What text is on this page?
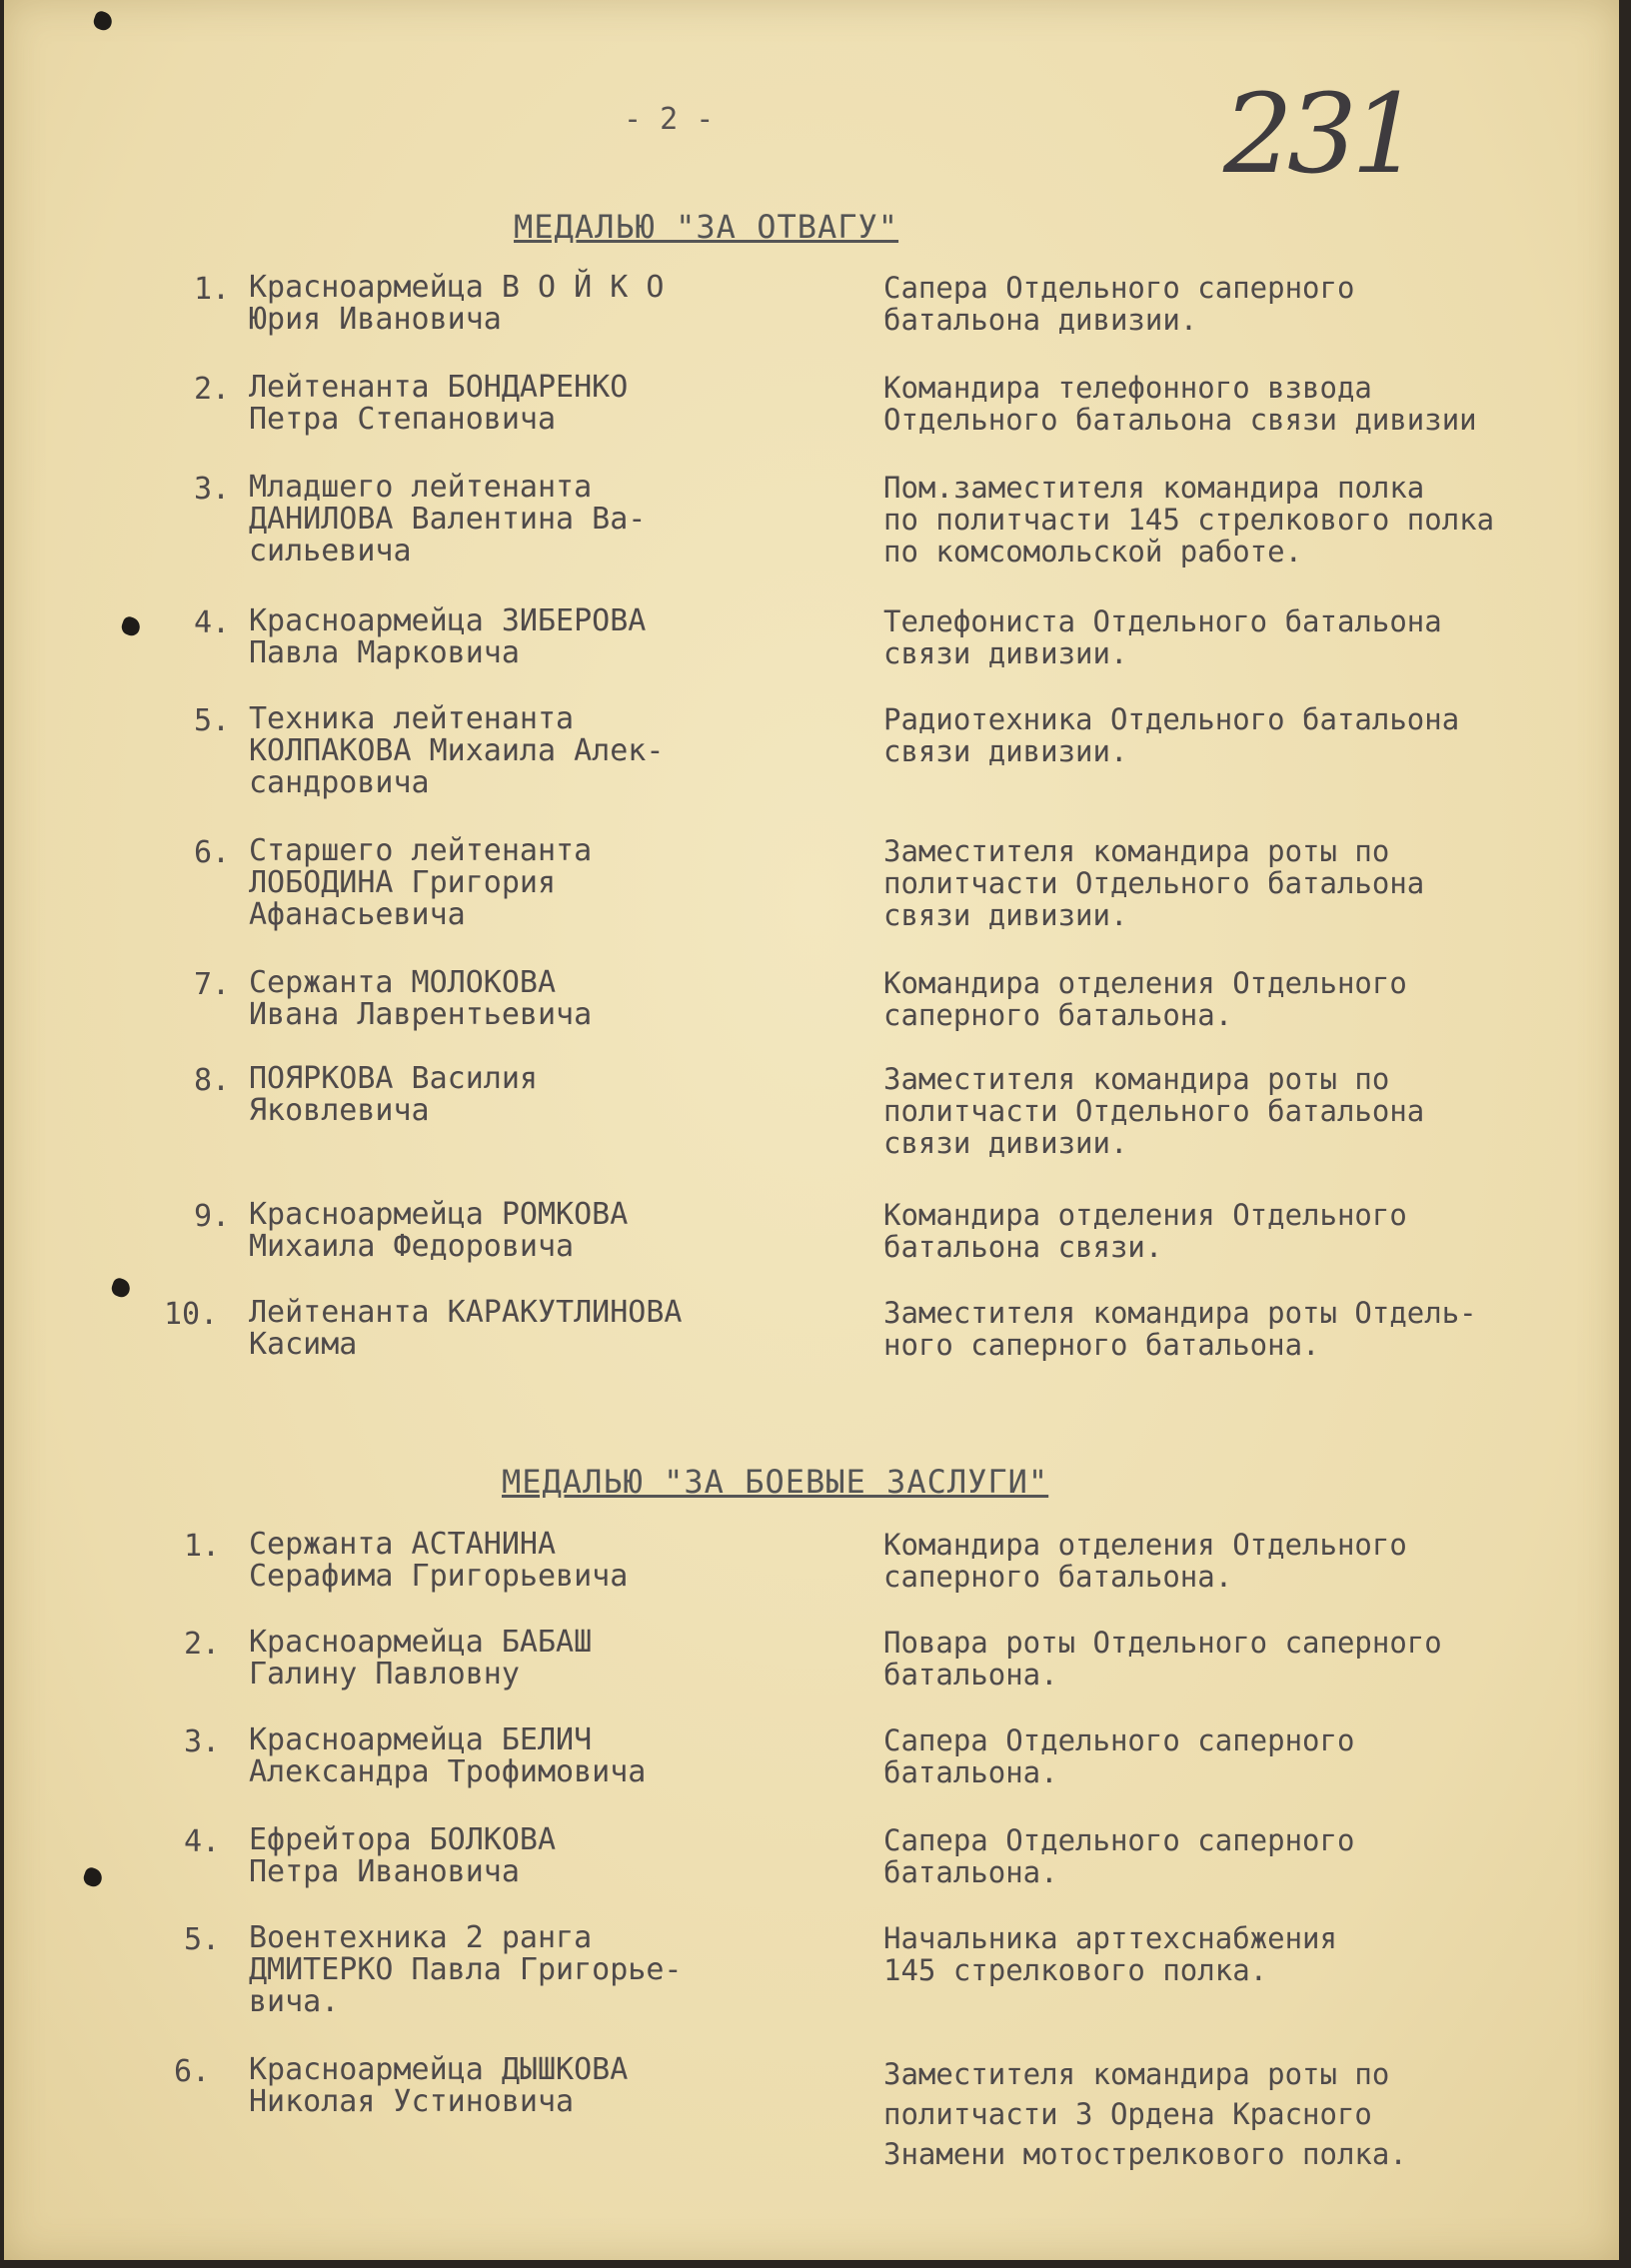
- 2 -	231
МЕДАЛЬЮ "ЗА ОТВАГУ"
1. Красноармейца В О Й К О
Юрия Ивановича
Сапера Отдельного саперного
батальона дивизии.
2. Лейтенанта БОНДАРЕНКО
Петра Степановича
Командира телефонного взвода
Отдельного батальона связи дивизии
3. Младшего лейтенанта
ДАНИЛОВА Валентина Ва-
сильевича
Пом.заместителя командира полка
по политчасти 145 стрелкового полка
по комсомольской работе.
4. Красноармейца ЗИБЕРОВА
Павла Марковича
Телефониста Отдельного батальона
связи дивизии.
5. Техника лейтенанта
КОЛПАКОВА Михаила Алек-
сандровича
Радиотехника Отдельного батальона
связи дивизии.
6. Старшего лейтенанта
ЛОБОДИНА Григория
Афанасьевича
Заместителя командира роты по
политчасти Отдельного батальона
связи дивизии.
7. Сержанта МОЛОКОВА
Ивана Лаврентьевича
Командира отделения Отдельного
саперного батальона.
8. ПОЯРКОВА Василия
Яковлевича
Заместителя командира роты по
политчасти Отдельного батальона
связи дивизии.
9. Красноармейца РОМКОВА
Михаила Федоровича
Командира отделения Отдельного
батальона связи.
10. Лейтенанта КАРАКУТЛИНОВА
Касима
Заместителя командира роты Отдель-
ного саперного батальона.
МЕДАЛЬЮ "ЗА БОЕВЫЕ ЗАСЛУГИ"
1. Сержанта АСТАНИНА
Серафима Григорьевича
Командира отделения Отдельного
саперного батальона.
2. Красноармейца БАБАШ
Галину Павловну
Повара роты Отдельного саперного
батальона.
3. Красноармейца БЕЛИЧ
Александра Трофимовича
Сапера Отдельного саперного
батальона.
4. Ефрейтора БОЛКОВА
Петра Ивановича
Сапера Отдельного саперного
батальона.
5. Воентехника 2 ранга
ДМИТЕРКО Павла Григорье-
вича.
Начальника арттехснабжения
145 стрелкового полка.
6. Красноармейца ДЫШКОВА
Николая Устиновича
Заместителя командира роты по
политчасти 3 Ордена Красного
Знамени мотострелкового полка.
